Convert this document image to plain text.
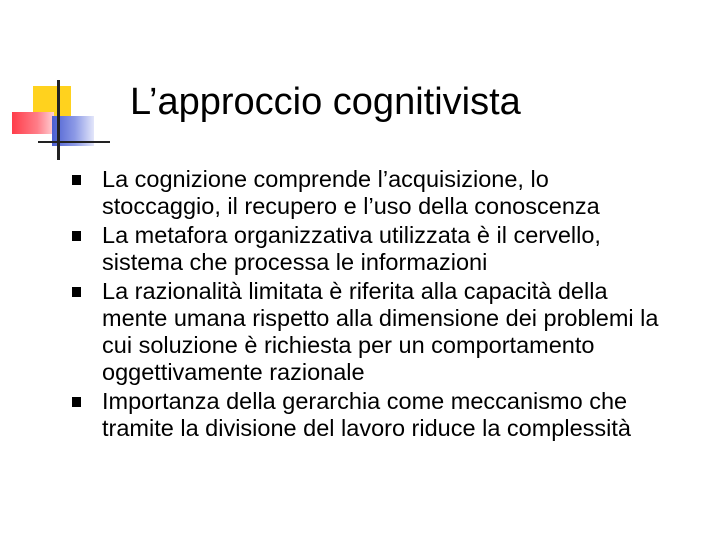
L’approccio cognitivista
La cognizione comprende l’acquisizione, lo stoccaggio, il recupero e l’uso della conoscenza
La metafora organizzativa utilizzata è il cervello, sistema che processa le informazioni
La razionalità limitata è riferita alla capacità della mente umana rispetto alla dimensione dei problemi la cui soluzione è richiesta per un comportamento oggettivamente razionale
Importanza della gerarchia come meccanismo che tramite la divisione del lavoro riduce la complessità
